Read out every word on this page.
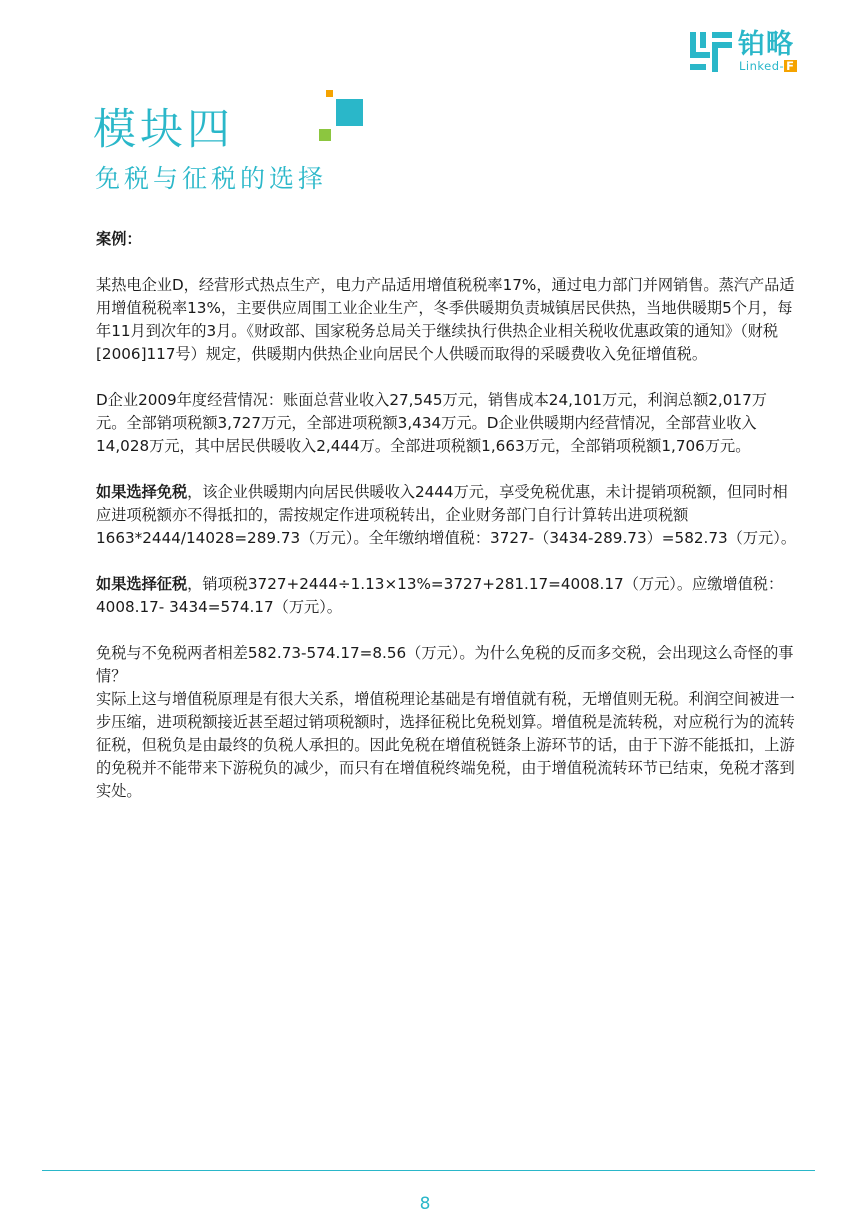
铂略
Linked- F
模块四
免税与征税的选择

案例：

某热电企业D，经营形式热点生产，电力产品适用增值税税率17%，通过电力部门并网销售。蒸汽产品适用增值税税率13%，主要供应周围工业企业生产，冬季供暖期负责城镇居民供热，当地供暖期5个月，每年11月到次年的3月。《财政部、国家税务总局关于继续执行供热企业相关税收优惠政策的通知》（财税[2006]117号）规定，供暖期内供热企业向居民个人供暖而取得的采暖费收入免征增值税。

D企业2009年度经营情况：账面总营业收入27,545万元，销售成本24,101万元，利润总额2,017万元。全部销项税额3,727万元，全部进项税额3,434万元。D企业供暖期内经营情况，全部营业收入14,028万元，其中居民供暖收入2,444万。全部进项税额1,663万元，全部销项税额1,706万元。

如果选择免税，该企业供暖期内向居民供暖收入2444万元，享受免税优惠，未计提销项税额，但同时相应进项税额亦不得抵扣的，需按规定作进项税转出，企业财务部门自行计算转出进项税额1663*2444/14028=289.73（万元）。全年缴纳增值税：3727-（3434-289.73）=582.73（万元）。

如果选择征税，销项税3727+2444÷1.13×13%=3727+281.17=4008.17（万元）。应缴增值税：4008.17- 3434=574.17（万元）。

免税与不免税两者相差582.73-574.17=8.56（万元）。为什么免税的反而多交税，会出现这么奇怪的事情？

实际上这与增值税原理是有很大关系，增值税理论基础是有增值就有税，无增值则无税。利润空间被进一步压缩，进项税额接近甚至超过销项税额时，选择征税比免税划算。增值税是流转税，对应税行为的流转征税，但税负是由最终的负税人承担的。因此免税在增值税链条上游环节的话，由于下游不能抵扣，上游的免税并不能带来下游税负的减少，而只有在增值税终端免税，由于增值税流转环节已结束，免税才落到实处。

8
